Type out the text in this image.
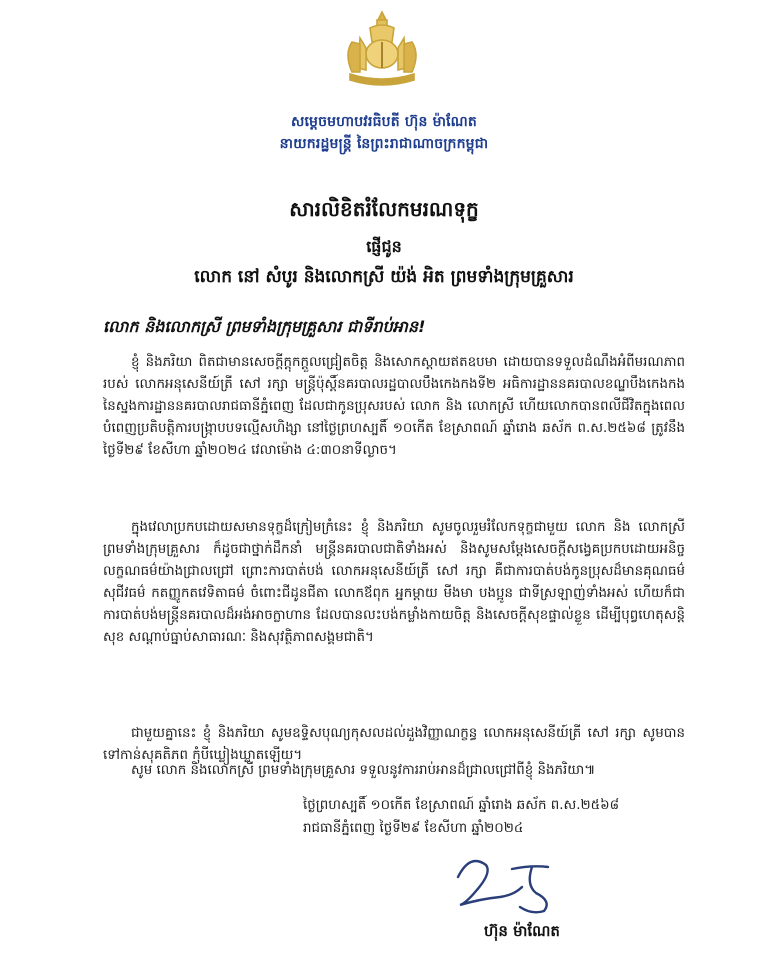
សម្ដេចមហាបវរធិបតី ហ៊ុន ម៉ាណែត
នាយករដ្ឋមន្ត្រី នៃព្រះរាជាណាចក្រកម្ពុជា
សារលិខិតរំលែកមរណទុក្ខ
ផ្ញើជូន
លោក នៅ សំបូរ និងលោកស្រី យ៉ង់ អិត ព្រមទាំងក្រុមគ្រួសារ
លោក និងលោកស្រី ព្រមទាំងក្រុមគ្រួសារ ជាទីរាប់អាន!
ខ្ញុំ និងភរិយា ពិតជាមានសេចក្ដីក្ដុកក្ដួលជ្រៀតចិត្ត និងសោកស្ដាយឥតឧបមា ដោយបានទទួលដំណឹងអំពីមរណភាពរបស់ លោកអនុសេនីយ៍ត្រី សៅ រក្សា មន្ត្រីប៉ុស្ដិ៍នគរបាលរដ្ឋបាលបឹងកេងកងទី២ អធិការដ្ឋាននគរបាលខណ្ឌបឹងកេងកង នៃស្នងការដ្ឋាននគរបាលរាជធានីភ្នំពេញ ដែលជាកូនប្រុសរបស់ លោក និង លោកស្រី ហើយលោកបានពលីជីវិតក្នុងពេលបំពេញប្រតិបត្តិការបង្ក្រាបបទល្មើសហិង្សា នៅថ្ងៃព្រហស្បតិ៍ ១០កើត ខែស្រាពណ៍ ឆ្នាំរោង ឆស័ក ព.ស.២៥៦៨ ត្រូវនឹងថ្ងៃទី២៩ ខែសីហា ឆ្នាំ២០២៤ វេលាម៉ោង ៤:៣០នាទីល្ងាច។
ក្នុងវេលាប្រកបដោយសមានទុក្ខដ៏ក្រៀមក្រំនេះ ខ្ញុំ និងភរិយា សូមចូលរួមរំលែកទុក្ខជាមួយ លោក និង លោកស្រី ព្រមទាំងក្រុមគ្រួសារ ក៏ដូចជាថ្នាក់ដឹកនាំ មន្ត្រីនគរបាលជាតិទាំងអស់ និងសូមសម្ដែងសេចក្ដីសង្វេគប្រកបដោយអនិច្ចលក្ខណធម៌យ៉ាងជ្រាលជ្រៅ ព្រោះការបាត់បង់ លោកអនុសេនីយ៍ត្រី សៅ រក្សា គឺជាការបាត់បង់កូនប្រុសដ៏មានគុណធម៌ សុជីវធម៌ កតញ្ញូកតវេទិតាធម៌ ចំពោះជីដូនជីតា លោកឪពុក អ្នកម្ដាយ មីងមា បងប្អូន ជាទីស្រឡាញ់ទាំងអស់ ហើយក៏ជាការបាត់បង់មន្ត្រីនគរបាលដ៏អង់អាចក្លាហាន ដែលបានលះបង់កម្លាំងកាយចិត្ត និងសេចក្ដីសុខផ្ទាល់ខ្លួន ដើម្បីបុព្វហេតុសន្ដិសុខ សណ្ដាប់ធ្នាប់សាធារណៈ និងសុវត្ថិភាពសង្គមជាតិ។
ជាមួយគ្នានេះ ខ្ញុំ និងភរិយា សូមឧទ្ទិសបុណ្យកុសលដល់ដួងវិញ្ញាណក្ខន្ធ លោកអនុសេនីយ៍ត្រី សៅ រក្សា សូមបានទៅកាន់សុគតិភព កុំបីឃ្លៀងឃ្លាតឡើយ។
សូម លោក និងលោកស្រី ព្រមទាំងក្រុមគ្រួសារ ទទួលនូវការរាប់អានដ៏ជ្រាលជ្រៅពីខ្ញុំ និងភរិយា៕
ថ្ងៃព្រហស្បតិ៍ ១០កើត ខែស្រាពណ៍ ឆ្នាំរោង ឆស័ក ព.ស.២៥៦៨
រាជធានីភ្នំពេញ ថ្ងៃទី២៩ ខែសីហា ឆ្នាំ២០២៤
ហ៊ុន ម៉ាណែត
